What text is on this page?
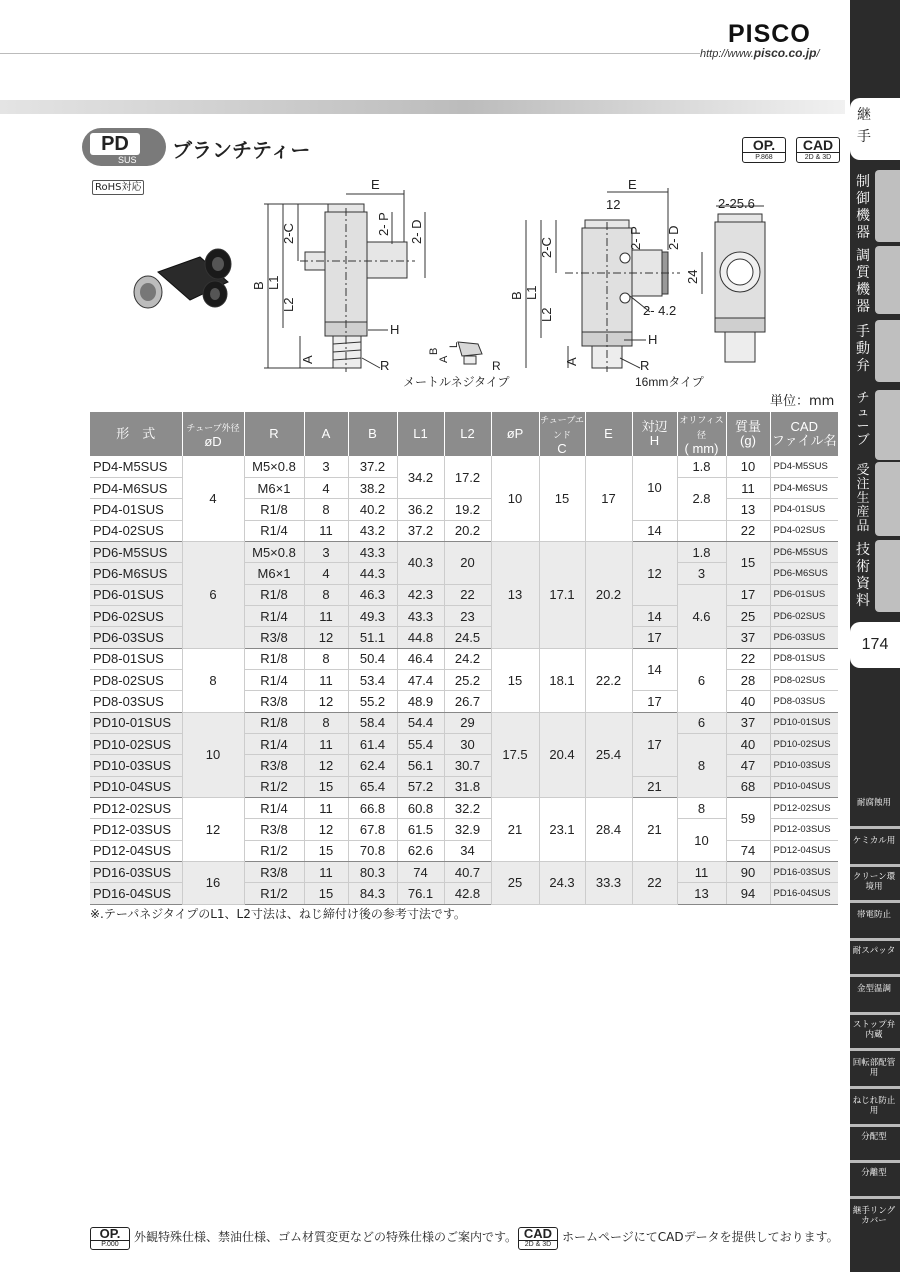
PISCO
http://www.pisco.co.jp/
PD
SUS ブランチティー
RoHS対応
OP.
P.868
CAD
2D & 3D
E
2-C	2- P 2- D
B L1
L2
A
H
R
B
A
L
R
メートルネジタイプ
E
12
2-C	2- P 2- D
24
2- 4.2
B L1
L2
A
H
R
2-25.6
16mmタイプ
単位：mm
形　式	チューブ外径
øD	R	A	B	L1	L2	øP	チューブエンド
C	E	対辺
H	オリフィス径
( mm)	質量
(g)	CAD
ファイル名
PD4-M5SUS	4	M5×0.8	3	37.2	34.2	17.2	10	15	17	10	1.8	10	PD4-M5SUS
PD4-M6SUS		M6×1	4	38.2							2.8	11	PD4-M6SUS
PD4-01SUS		R1/8	8	40.2	36.2	19.2						13	PD4-01SUS
PD4-02SUS		R1/4	11	43.2	37.2	20.2				14		22	PD4-02SUS
PD6-M5SUS	6	M5×0.8	3	43.3	40.3	20	13	17.1	20.2	12	1.8	15	PD6-M5SUS
PD6-M6SUS		M6×1	4	44.3							3		PD6-M6SUS
PD6-01SUS		R1/8	8	46.3	42.3	22					4.6	17	PD6-01SUS
PD6-02SUS		R1/4	11	49.3	43.3	23				14		25	PD6-02SUS
PD6-03SUS		R3/8	12	51.1	44.8	24.5				17		37	PD6-03SUS
PD8-01SUS	8	R1/8	8	50.4	46.4	24.2	15	18.1	22.2	14	6	22	PD8-01SUS
PD8-02SUS		R1/4	11	53.4	47.4	25.2						28	PD8-02SUS
PD8-03SUS		R3/8	12	55.2	48.9	26.7				17		40	PD8-03SUS
PD10-01SUS	10	R1/8	8	58.4	54.4	29	17.5	20.4	25.4	17	6	37	PD10-01SUS
PD10-02SUS		R1/4	11	61.4	55.4	30					8	40	PD10-02SUS
PD10-03SUS		R3/8	12	62.4	56.1	30.7						47	PD10-03SUS
PD10-04SUS		R1/2	15	65.4	57.2	31.8				21		68	PD10-04SUS
PD12-02SUS	12	R1/4	11	66.8	60.8	32.2	21	23.1	28.4	21	8	59	PD12-02SUS
PD12-03SUS		R3/8	12	67.8	61.5	32.9					10		PD12-03SUS
PD12-04SUS		R1/2	15	70.8	62.6	34						74	PD12-04SUS
PD16-03SUS	16	R3/8	11	80.3	74	40.7	25	24.3	33.3	22	11	90	PD16-03SUS
PD16-04SUS		R1/2	15	84.3	76.1	42.8					13	94	PD16-04SUS
※.テーパネジタイプのL1、L2寸法は、ねじ締付け後の参考寸法です。
継手
制御機器
調質機器
手動弁
チューブ
受注生産品
技術資料
174
耐腐蝕用
ケミカル用
クリーン環境用
帯電防止
耐スパッタ
金型温調
ストップ弁内蔵
回転部配管用
ねじれ防止用
分配型
分離型
継手リングカバー
OP.
P.000
外観特殊仕様、禁油仕様、ゴム材質変更などの特殊仕様のご案内です。 CAD
2D & 3D
ホームページにてCADデータを提供しております。
